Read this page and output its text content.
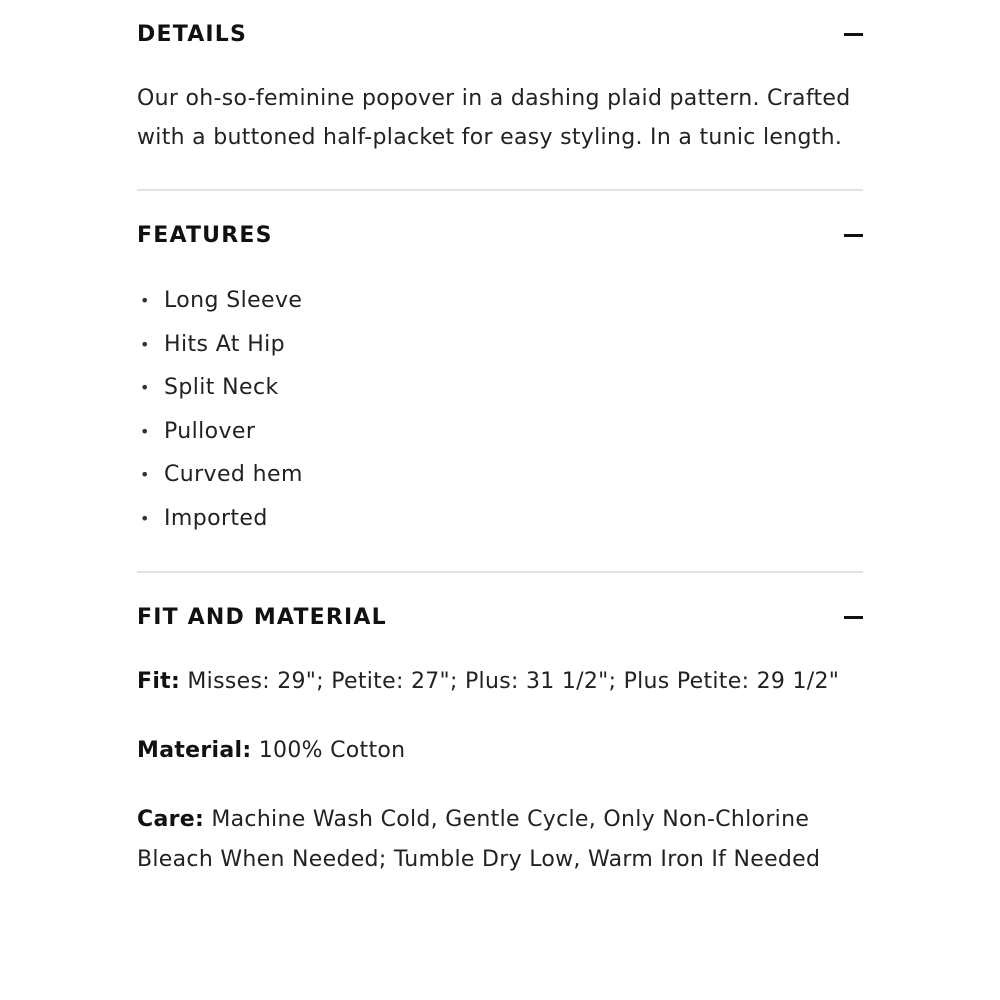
DETAILS

Our oh-so-feminine popover in a dashing plaid pattern. Crafted with a buttoned half-placket for easy styling. In a tunic length.

FEATURES
• Long Sleeve
• Hits At Hip
• Split Neck
• Pullover
• Curved hem
• Imported
FIT AND MATERIAL

Fit: Misses: 29"; Petite: 27"; Plus: 31 1/2"; Plus Petite: 29 1/2"

Material: 100% Cotton

Care: Machine Wash Cold, Gentle Cycle, Only Non-Chlorine Bleach When Needed; Tumble Dry Low, Warm Iron If Needed
